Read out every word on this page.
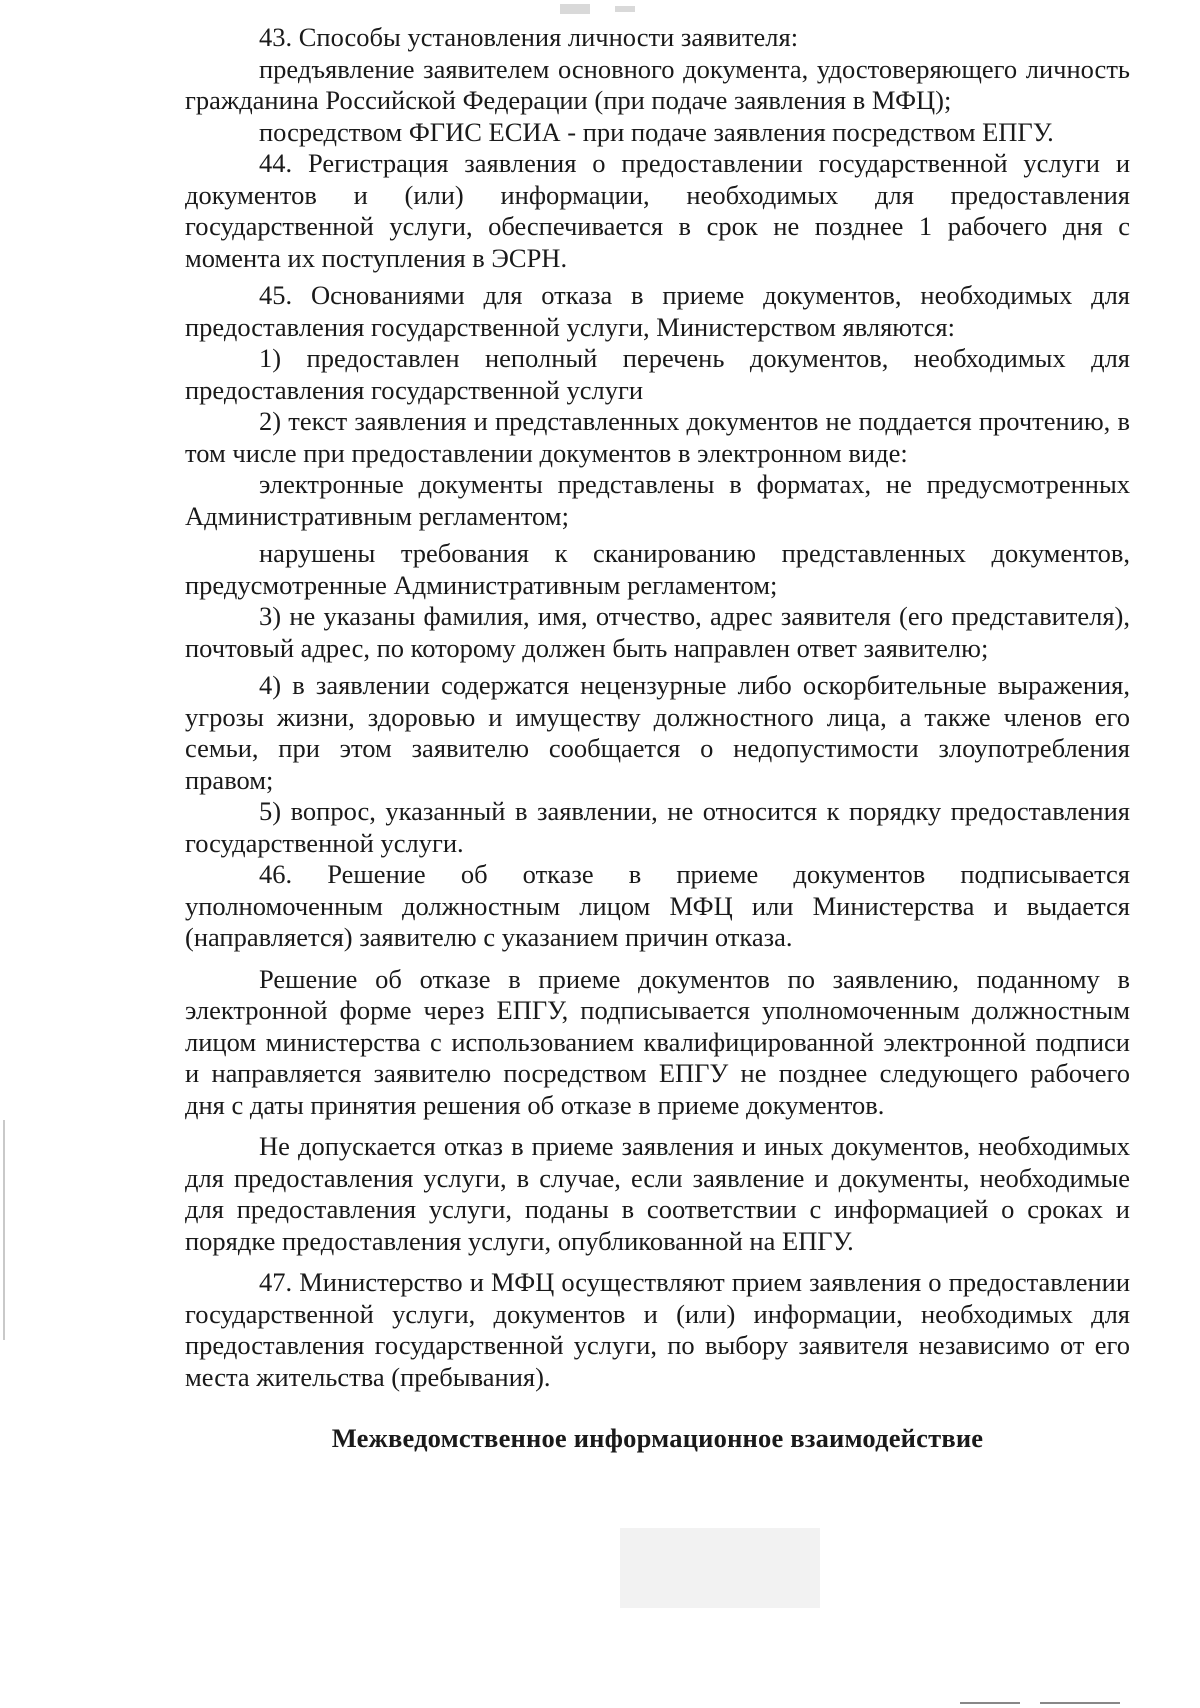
43. Способы установления личности заявителя:

предъявление заявителем основного документа, удостоверяющего личность гражданина Российской Федерации (при подаче заявления в МФЦ);

посредством ФГИС ЕСИА - при подаче заявления посредством ЕПГУ.

44. Регистрация заявления о предоставлении государственной услуги и документов и (или) информации, необходимых для предоставления государственной услуги, обеспечивается в срок не позднее 1 рабочего дня с момента их поступления в ЭСРН.

45. Основаниями для отказа в приеме документов, необходимых для предоставления государственной услуги, Министерством являются:

1) предоставлен неполный перечень документов, необходимых для предоставления государственной услуги

2) текст заявления и представленных документов не поддается прочтению, в том числе при предоставлении документов в электронном виде:

электронные документы представлены в форматах, не предусмотренных Административным регламентом;

нарушены требования к сканированию представленных документов, предусмотренные Административным регламентом;

3) не указаны фамилия, имя, отчество, адрес заявителя (его представителя), почтовый адрес, по которому должен быть направлен ответ заявителю;

4) в заявлении содержатся нецензурные либо оскорбительные выражения, угрозы жизни, здоровью и имуществу должностного лица, а также членов его семьи, при этом заявителю сообщается о недопустимости злоупотребления правом;

5) вопрос, указанный в заявлении, не относится к порядку предоставления государственной услуги.

46. Решение об отказе в приеме документов подписывается уполномоченным должностным лицом МФЦ или Министерства и выдается (направляется) заявителю с указанием причин отказа.

Решение об отказе в приеме документов по заявлению, поданному в электронной форме через ЕПГУ, подписывается уполномоченным должностным лицом министерства с использованием квалифицированной электронной подписи и направляется заявителю посредством ЕПГУ не позднее следующего рабочего дня с даты принятия решения об отказе в приеме документов.

Не допускается отказ в приеме заявления и иных документов, необходимых для предоставления услуги, в случае, если заявление и документы, необходимые для предоставления услуги, поданы в соответствии с информацией о сроках и порядке предоставления услуги, опубликованной на ЕПГУ.

47. Министерство и МФЦ осуществляют прием заявления о предоставлении государственной услуги, документов и (или) информации, необходимых для предоставления государственной услуги, по выбору заявителя независимо от его места жительства (пребывания).

Межведомственное информационное взаимодействие
